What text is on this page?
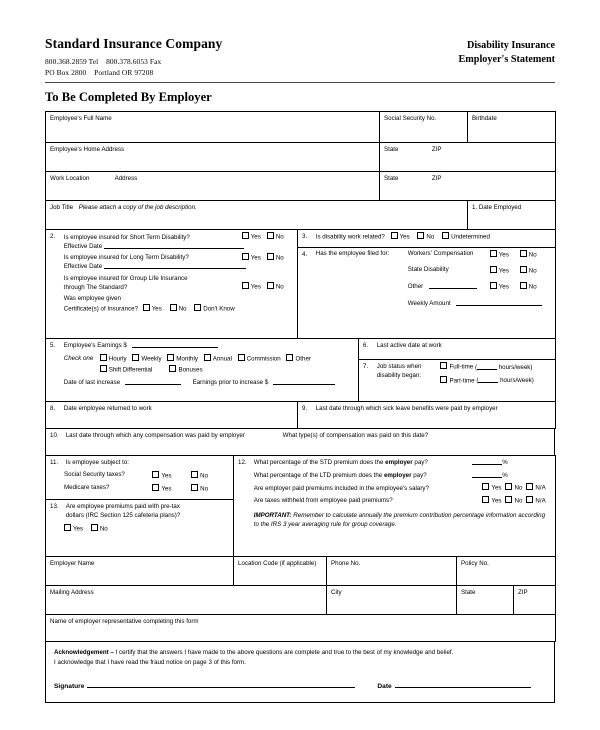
Standard Insurance Company
800.368.2859 Tel    800.378.6053 Fax
PO Box 2800    Portland OR 97208
Disability Insurance
Employer's Statement
To Be Completed By Employer
Employee's Full Name	Social Security No.	Birthdate
Employee's Home Address	State ZIP	
Work Location Address	State ZIP	
Job Title Please attach a copy of the job description.		1. Date Employed
2. Is employee insured for Short Term Disability?	Yes	No
Effective Date
Is employee insured for Long Term Disability?	Yes	No
Effective Date
Is employee insured for Group Life Insurance
through The Standard?	Yes	No
Was employee given
Certificate(s) of Insurance? Yes	No	Don't Know
	3. Is disability work related? Yes	No	Undetermined
4. Has the employee filed for:	Workers' Compensation	Yes	No
State Disability	Yes	No
Other	Yes	No
Weekly Amount
5. Employee's Earnings $
Check one	Hourly Weekly Monthly Annual Commission Other
Shift Differential	Bonuses
Date of last increase	Earnings prior to increase $
	6. Last active date at work
7. Job status when
disability began:

Full-time (	hours/week)
Part-time (	hours/week)
8. Date employee returned to work	9. Last date through which sick leave benefits were paid by employer
10. Last date through which any compensation was paid by employer	What type(s) of compensation was paid on this date?
11. Is employee subject to:
Social Security taxes?	Yes	No
Medicare taxes?	Yes	No
	12. What percentage of the STD premium does the employer pay?	%
What percentage of the LTD premium does the employer pay?	%
Are employer paid premiums included in the employee's salary?	Yes	No	N/A
Are taxes withheld from employee paid premiums?	Yes	No	N/A
IMPORTANT: Remember to calculate annually the premium contribution percentage information according to the IRS 3 year averaging rule for group coverage.

13. Are employee premiums paid with pre-tax
dollars (IRC Section 125 cafeteria plans)?
Yes	No
Employer Name	Location Code (if applicable)	Phone No.	Policy No.	
Mailing Address		City	State	ZIP
Name of employer representative completing this form				
Acknowledgement – I certify that the answers I have made to the above questions are complete and true to the best of my knowledge and belief.
I acknowledge that I have read the fraud notice on page 3 of this form.
Signature	Date
